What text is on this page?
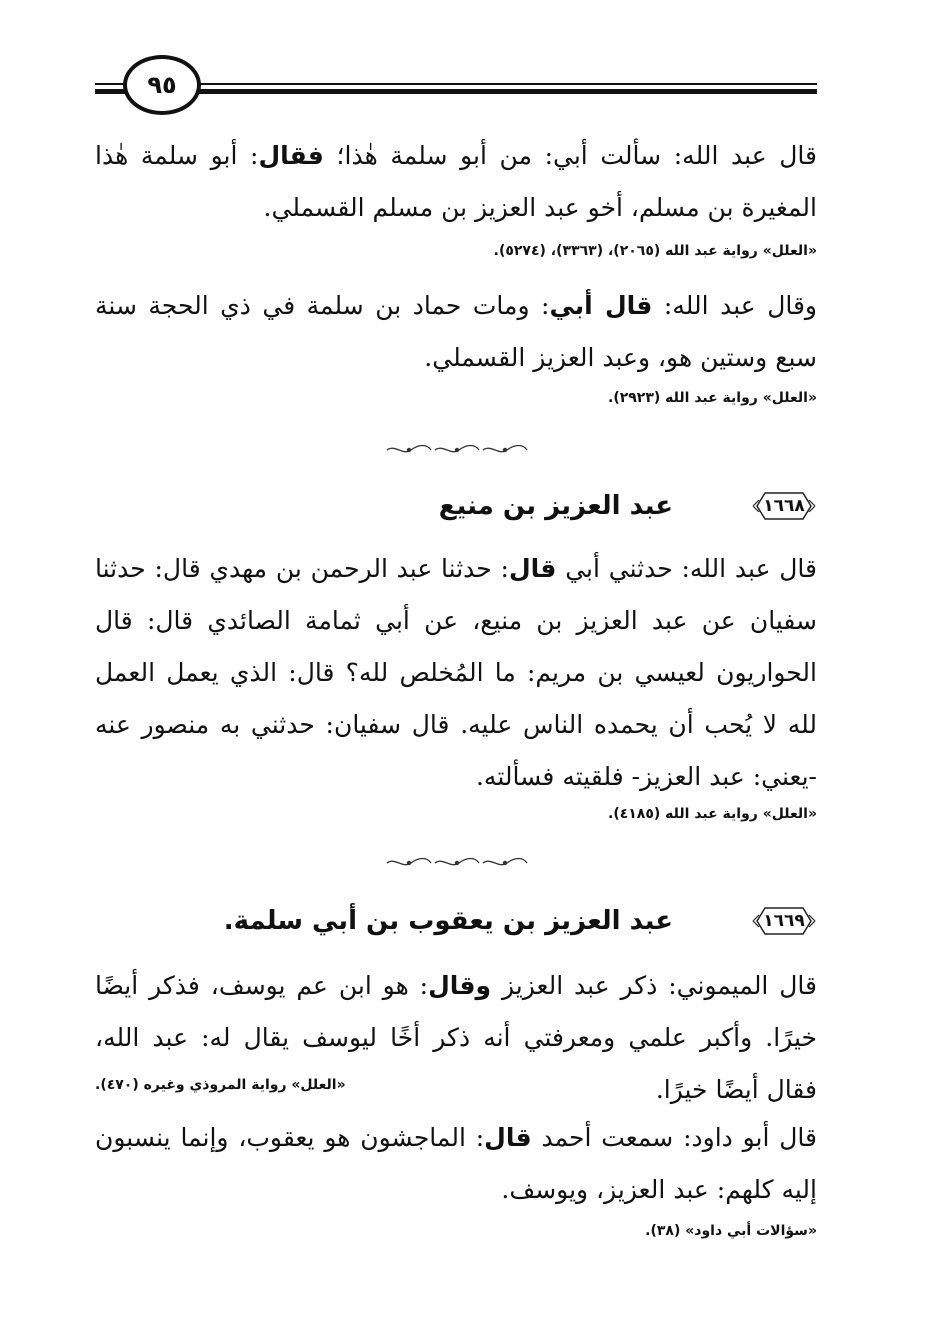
٩٥

قال عبد الله: سألت أبي: من أبو سلمة هٰذا؛ فقال: أبو سلمة هٰذا المغيرة بن مسلم، أخو عبد العزيز بن مسلم القسملي.

«العلل» رواية عبد الله (٢٠٦٥)، (٣٣٦٣)، (٥٢٧٤).

وقال عبد الله: قال أبي: ومات حماد بن سلمة في ذي الحجة سنة سبع وستين هو، وعبد العزيز القسملي.

«العلل» رواية عبد الله (٢٩٢٣).
١٦٦٨
عبد العزيز بن منيع

قال عبد الله: حدثني أبي قال: حدثنا عبد الرحمن بن مهدي قال: حدثنا سفيان عن عبد العزيز بن منيع، عن أبي ثمامة الصائدي قال: قال الحواريون لعيسي بن مريم: ما المُخلص لله؟ قال: الذي يعمل العمل لله لا يُحب أن يحمده الناس عليه. قال سفيان: حدثني به منصور عنه -يعني: عبد العزيز- فلقيته فسألته.

«العلل» رواية عبد الله (٤١٨٥).
١٦٦٩
عبد العزيز بن يعقوب بن أبي سلمة.

قال الميموني: ذكر عبد العزيز وقال: هو ابن عم يوسف، فذكر أيضًا خيرًا. وأكبر علمي ومعرفتي أنه ذكر أخًا ليوسف يقال له: عبد الله، فقال أيضًا خيرًا.

«العلل» رواية المروذي وغيره (٤٧٠).

قال أبو داود: سمعت أحمد قال: الماجشون هو يعقوب، وإنما ينسبون إليه كلهم: عبد العزيز، ويوسف.

«سؤالات أبي داود» (٣٨).
